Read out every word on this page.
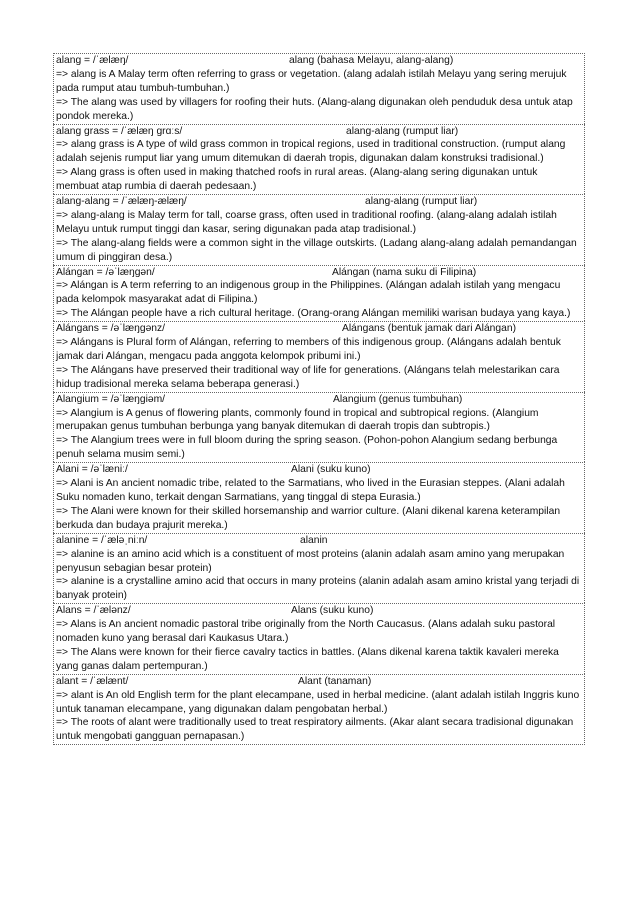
alang = /ˈælæŋ/	alang (bahasa Melayu, alang-alang)
=> alang is A Malay term often referring to grass or vegetation. (alang adalah istilah Melayu yang sering merujuk pada rumput atau tumbuh-tumbuhan.)
=> The alang was used by villagers for roofing their huts. (Alang-alang digunakan oleh penduduk desa untuk atap pondok mereka.)
alang grass = /ˈælæŋ ɡrɑːs/	alang-alang (rumput liar)
=> alang grass is A type of wild grass common in tropical regions, used in traditional construction. (rumput alang adalah sejenis rumput liar yang umum ditemukan di daerah tropis, digunakan dalam konstruksi tradisional.)
=> Alang grass is often used in making thatched roofs in rural areas. (Alang-alang sering digunakan untuk membuat atap rumbia di daerah pedesaan.)
alang-alang = /ˈælæŋ-ælæŋ/	alang-alang (rumput liar)
=> alang-alang is Malay term for tall, coarse grass, often used in traditional roofing. (alang-alang adalah istilah Melayu untuk rumput tinggi dan kasar, sering digunakan pada atap tradisional.)
=> The alang-alang fields were a common sight in the village outskirts. (Ladang alang-alang adalah pemandangan umum di pinggiran desa.)
Alángan = /əˈlæŋɡən/	Alángan (nama suku di Filipina)
=> Alángan is A term referring to an indigenous group in the Philippines. (Alángan adalah istilah yang mengacu pada kelompok masyarakat adat di Filipina.)
=> The Alángan people have a rich cultural heritage. (Orang-orang Alángan memiliki warisan budaya yang kaya.)
Alángans = /əˈlæŋɡənz/	Alángans (bentuk jamak dari Alángan)
=> Alángans is Plural form of Alángan, referring to members of this indigenous group. (Alángans adalah bentuk jamak dari Alángan, mengacu pada anggota kelompok pribumi ini.)
=> The Alángans have preserved their traditional way of life for generations. (Alángans telah melestarikan cara hidup tradisional mereka selama beberapa generasi.)
Alangium = /əˈlæŋɡiəm/	Alangium (genus tumbuhan)
=> Alangium is A genus of flowering plants, commonly found in tropical and subtropical regions. (Alangium merupakan genus tumbuhan berbunga yang banyak ditemukan di daerah tropis dan subtropis.)
=> The Alangium trees were in full bloom during the spring season. (Pohon-pohon Alangium sedang berbunga penuh selama musim semi.)
Alani = /əˈlæniː/	Alani (suku kuno)
=> Alani is An ancient nomadic tribe, related to the Sarmatians, who lived in the Eurasian steppes. (Alani adalah Suku nomaden kuno, terkait dengan Sarmatians, yang tinggal di stepa Eurasia.)
=> The Alani were known for their skilled horsemanship and warrior culture. (Alani dikenal karena keterampilan berkuda dan budaya prajurit mereka.)
alanine = /ˈæləˌniːn/	alanin
=> alanine is an amino acid which is a constituent of most proteins (alanin adalah asam amino yang merupakan penyusun sebagian besar protein)
=> alanine is a crystalline amino acid that occurs in many proteins (alanin adalah asam amino kristal yang terjadi di banyak protein)
Alans = /ˈælənz/	Alans (suku kuno)
=> Alans is An ancient nomadic pastoral tribe originally from the North Caucasus. (Alans adalah suku pastoral nomaden kuno yang berasal dari Kaukasus Utara.)
=> The Alans were known for their fierce cavalry tactics in battles. (Alans dikenal karena taktik kavaleri mereka yang ganas dalam pertempuran.)
alant = /ˈælænt/	Alant (tanaman)
=> alant is An old English term for the plant elecampane, used in herbal medicine. (alant adalah istilah Inggris kuno untuk tanaman elecampane, yang digunakan dalam pengobatan herbal.)
=> The roots of alant were traditionally used to treat respiratory ailments. (Akar alant secara tradisional digunakan untuk mengobati gangguan pernapasan.)
